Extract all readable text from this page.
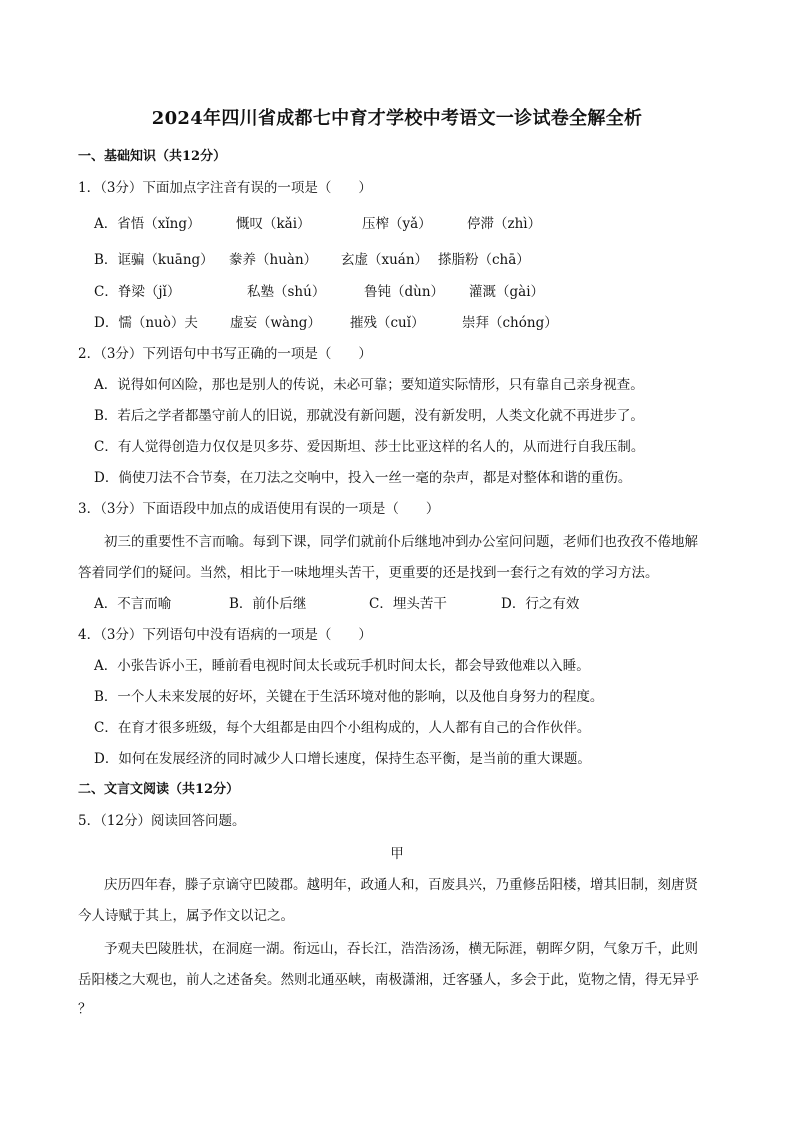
2024年四川省成都七中育才学校中考语文一诊试卷全解全析
一、基础知识（共12分）
1．（3分）下面加点字注音有误的一项是（　　）
A．省悟（xǐng）	慨叹（kǎi）	压榨（yǎ）	停滞（zhì）
B．诓骗（kuāng） 豢养（huàn） 玄虚（xuán） 搽脂粉（chā）
C．脊梁（jǐ）	私塾（shú）	鲁钝（dùn） 灌溉（gài）
D．懦（nuò）夫 虚妄（wàng） 摧残（cuǐ）	崇拜（chóng）
2．（3分）下列语句中书写正确的一项是（　　）
A．说得如何凶险，那也是别人的传说，未必可靠；要知道实际情形，只有靠自己亲身视查。
B．若后之学者都墨守前人的旧说，那就没有新问题，没有新发明，人类文化就不再进步了。
C．有人觉得创造力仅仅是贝多芬、爱因斯坦、莎士比亚这样的名人的，从而进行自我压制。
D．倘使刀法不合节奏，在刀法之交响中，投入一丝一毫的杂声，都是对整体和谐的重伤。
3．（3分）下面语段中加点的成语使用有误的一项是（　　）
初三的重要性不言而喻。每到下课，同学们就前仆后继地冲到办公室问问题，老师们也孜孜不倦地解
答着同学们的疑问。当然，相比于一味地埋头苦干，更重要的还是找到一套行之有效的学习方法。
A．不言而喻	B．前仆后继	C．埋头苦干	D．行之有效
4．（3分）下列语句中没有语病的一项是（　　）
A．小张告诉小王，睡前看电视时间太长或玩手机时间太长，都会导致他难以入睡。
B．一个人未来发展的好坏，关键在于生活环境对他的影响，以及他自身努力的程度。
C．在育才很多班级，每个大组都是由四个小组构成的，人人都有自己的合作伙伴。
D．如何在发展经济的同时减少人口增长速度，保持生态平衡，是当前的重大课题。
二、文言文阅读（共12分）
5．（12分）阅读回答问题。
甲
庆历四年春，滕子京谪守巴陵郡。越明年，政通人和，百废具兴，乃重修岳阳楼，增其旧制，刻唐贤
今人诗赋于其上，属予作文以记之。
予观夫巴陵胜状，在洞庭一湖。衔远山，吞长江，浩浩汤汤，横无际涯，朝晖夕阴，气象万千，此则
岳阳楼之大观也，前人之述备矣。然则北通巫峡，南极潇湘，迁客骚人，多会于此，览物之情，得无异乎
？
